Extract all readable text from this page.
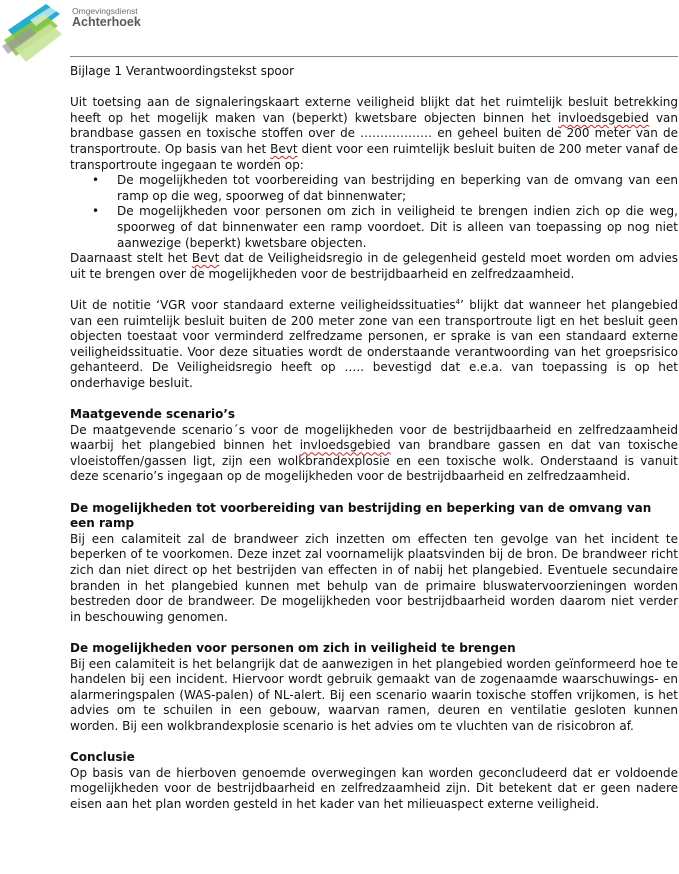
Omgevingsdienst
Achterhoek

Bijlage 1 Verantwoordingstekst spoor

Uit toetsing aan de signaleringskaart externe veiligheid blijkt dat het ruimtelijk besluit betrekking heeft op het mogelijk maken van (beperkt) kwetsbare objecten binnen het invloedsgebied van brandbase gassen en toxische stoffen over de ……………… en geheel buiten de 200 meter van de transportroute. Op basis van het Bevt dient voor een ruimtelijk besluit buiten de 200 meter vanaf de transportroute ingegaan te worden op:

• De mogelijkheden tot voorbereiding van bestrijding en beperking van de omvang van een ramp op die weg, spoorweg of dat binnenwater;
• De mogelijkheden voor personen om zich in veiligheid te brengen indien zich op die weg, spoorweg of dat binnenwater een ramp voordoet. Dit is alleen van toepassing op nog niet aanwezige (beperkt) kwetsbare objecten.

Daarnaast stelt het Bevt dat de Veiligheidsregio in de gelegenheid gesteld moet worden om advies uit te brengen over de mogelijkheden voor de bestrijdbaarheid en zelfredzaamheid.

Uit de notitie ‘VGR voor standaard externe veiligheidssituaties$^4$’ blijkt dat wanneer het plangebied van een ruimtelijk besluit buiten de 200 meter zone van een transportroute ligt en het besluit geen objecten toestaat voor verminderd zelfredzame personen, er sprake is van een standaard externe veiligheidssituatie. Voor deze situaties wordt de onderstaande verantwoording van het groepsrisico gehanteerd. De Veiligheidsregio heeft op ….. bevestigd dat e.e.a. van toepassing is op het onderhavige besluit.

Maatgevende scenario’s

De maatgevende scenario´s voor de mogelijkheden voor de bestrijdbaarheid en zelfredzaamheid waarbij het plangebied binnen het invloedsgebied van brandbare gassen en dat van toxische vloeistoffen/gassen ligt, zijn een wolkbrandexplosie en een toxische wolk. Onderstaand is vanuit deze scenario’s ingegaan op de mogelijkheden voor de bestrijdbaarheid en zelfredzaamheid.

De mogelijkheden tot voorbereiding van bestrijding en beperking van de omvang van een ramp

Bij een calamiteit zal de brandweer zich inzetten om effecten ten gevolge van het incident te beperken of te voorkomen. Deze inzet zal voornamelijk plaatsvinden bij de bron. De brandweer richt zich dan niet direct op het bestrijden van effecten in of nabij het plangebied. Eventuele secundaire branden in het plangebied kunnen met behulp van de primaire bluswatervoorzieningen worden bestreden door de brandweer. De mogelijkheden voor bestrijdbaarheid worden daarom niet verder in beschouwing genomen.

De mogelijkheden voor personen om zich in veiligheid te brengen

Bij een calamiteit is het belangrijk dat de aanwezigen in het plangebied worden geïnformeerd hoe te handelen bij een incident. Hiervoor wordt gebruik gemaakt van de zogenaamde waarschuwings- en alarmeringspalen (WAS-palen) of NL-alert. Bij een scenario waarin toxische stoffen vrijkomen, is het advies om te schuilen in een gebouw, waarvan ramen, deuren en ventilatie gesloten kunnen worden. Bij een wolkbrandexplosie scenario is het advies om te vluchten van de risicobron af.

Conclusie

Op basis van de hierboven genoemde overwegingen kan worden geconcludeerd dat er voldoende mogelijkheden voor de bestrijdbaarheid en zelfredzaamheid zijn. Dit betekent dat er geen nadere eisen aan het plan worden gesteld in het kader van het milieuaspect externe veiligheid.
